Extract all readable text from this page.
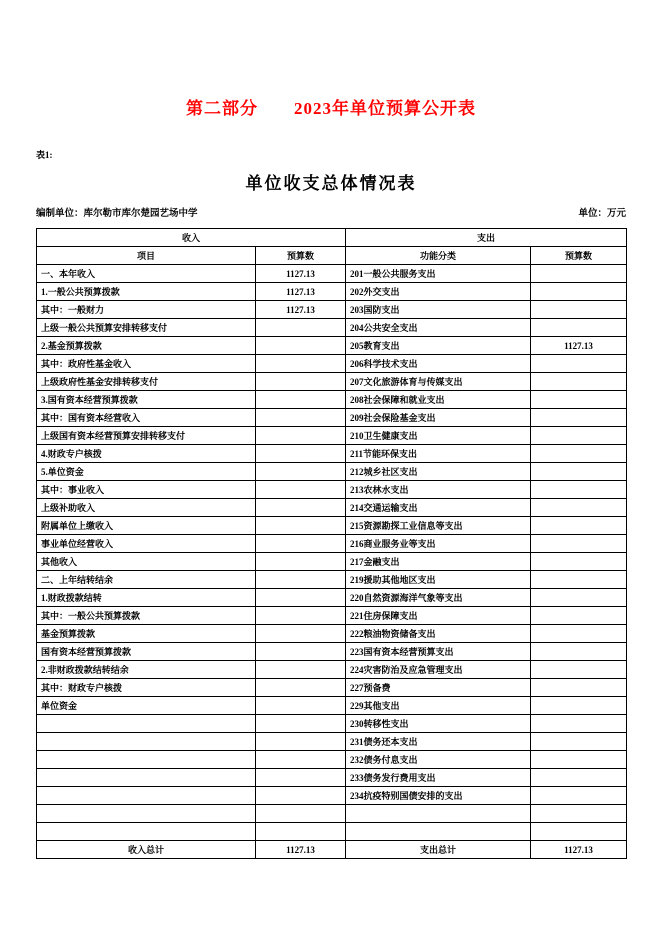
第二部分　　2023年单位预算公开表
表1:
单位收支总体情况表
编制单位：库尔勒市库尔楚园艺场中学	单位：万元
收入		支出	
项目	预算数	功能分类	预算数
一、本年收入	1127.13	201一般公共服务支出	
1.一般公共预算拨款	1127.13	202外交支出	
其中：一般财力	1127.13	203国防支出	
上级一般公共预算安排转移支付		204公共安全支出	
2.基金预算拨款		205教育支出	1127.13
其中：政府性基金收入		206科学技术支出	
上级政府性基金安排转移支付		207文化旅游体育与传媒支出	
3.国有资本经营预算拨款		208社会保障和就业支出	
其中：国有资本经营收入		209社会保险基金支出	
上级国有资本经营预算安排转移支付		210卫生健康支出	
4.财政专户核拨		211节能环保支出	
5.单位资金		212城乡社区支出	
其中：事业收入		213农林水支出	
上级补助收入		214交通运输支出	
附属单位上缴收入		215资源勘探工业信息等支出	
事业单位经营收入		216商业服务业等支出	
其他收入		217金融支出	
二、上年结转结余		219援助其他地区支出	
1.财政拨款结转		220自然资源海洋气象等支出	
其中：一般公共预算拨款		221住房保障支出	
基金预算拨款		222粮油物资储备支出	
国有资本经营预算拨款		223国有资本经营预算支出	
2.非财政拨款结转结余		224灾害防治及应急管理支出	
其中：财政专户核拨		227预备费	
单位资金		229其他支出	
		230转移性支出	
		231债务还本支出	
		232债务付息支出	
		233债务发行费用支出	
		234抗疫特别国债安排的支出	

收入总计	1127.13	支出总计	1127.13
